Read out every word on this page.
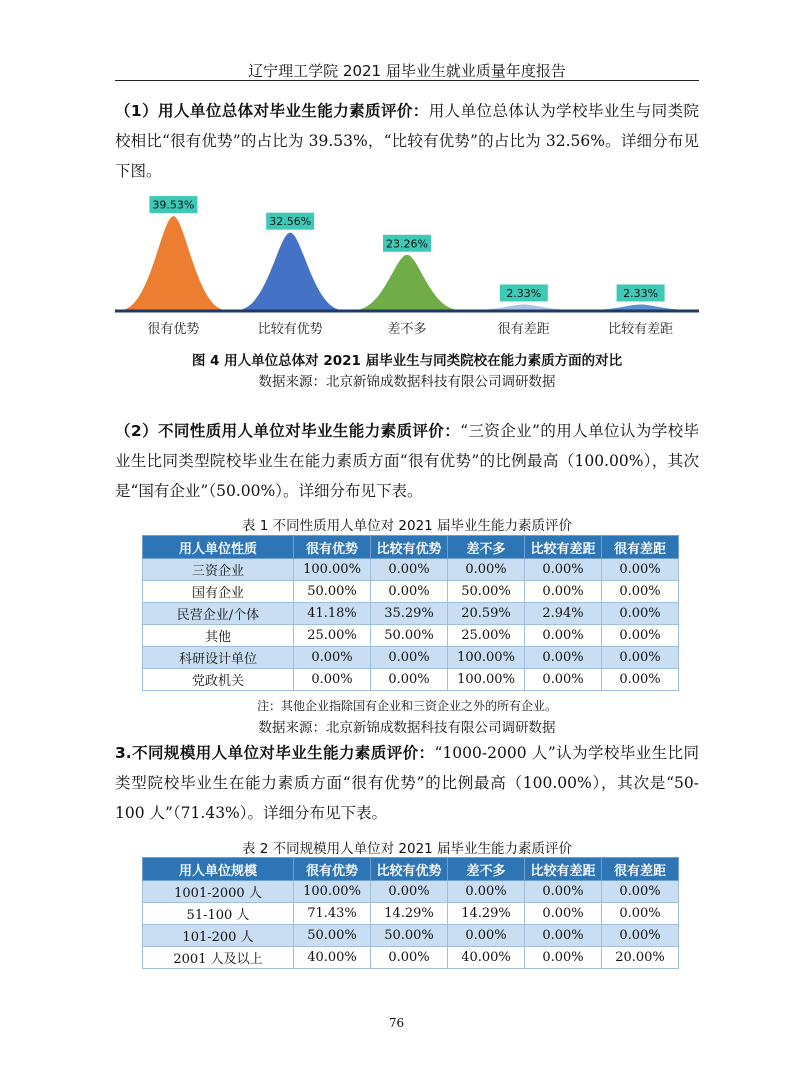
辽宁理工学院 2021 届毕业生就业质量年度报告
（1）用人单位总体对毕业生能力素质评价：用人单位总体认为学校毕业生与同类院校相比“很有优势”的占比为 39.53%，“比较有优势”的占比为 32.56%。详细分布见下图。
39.53%
很有优势
32.56%
比较有优势
23.26%
差不多
2.33%
很有差距
2.33%
比较有差距
图 4 用人单位总体对 2021 届毕业生与同类院校在能力素质方面的对比
数据来源：北京新锦成数据科技有限公司调研数据
（2）不同性质用人单位对毕业生能力素质评价：“三资企业”的用人单位认为学校毕业生比同类型院校毕业生在能力素质方面“很有优势”的比例最高（100.00%），其次是“国有企业”（50.00%）。详细分布见下表。
表 1 不同性质用人单位对 2021 届毕业生能力素质评价
用人单位性质	很有优势	比较有优势	差不多	比较有差距	很有差距
三资企业	100.00%	0.00%	0.00%	0.00%	0.00%
国有企业	50.00%	0.00%	50.00%	0.00%	0.00%
民营企业/个体	41.18%	35.29%	20.59%	2.94%	0.00%
其他	25.00%	50.00%	25.00%	0.00%	0.00%
科研设计单位	0.00%	0.00%	100.00%	0.00%	0.00%
党政机关	0.00%	0.00%	100.00%	0.00%	0.00%
注：其他企业指除国有企业和三资企业之外的所有企业。
数据来源：北京新锦成数据科技有限公司调研数据
3.不同规模用人单位对毕业生能力素质评价：“1000-2000 人”认为学校毕业生比同类型院校毕业生在能力素质方面“很有优势”的比例最高（100.00%），其次是“50-100 人”（71.43%）。详细分布见下表。
表 2 不同规模用人单位对 2021 届毕业生能力素质评价
用人单位规模	很有优势	比较有优势	差不多	比较有差距	很有差距
1001-2000 人	100.00%	0.00%	0.00%	0.00%	0.00%
51-100 人	71.43%	14.29%	14.29%	0.00%	0.00%
101-200 人	50.00%	50.00%	0.00%	0.00%	0.00%
2001 人及以上	40.00%	0.00%	40.00%	0.00%	20.00%
76
